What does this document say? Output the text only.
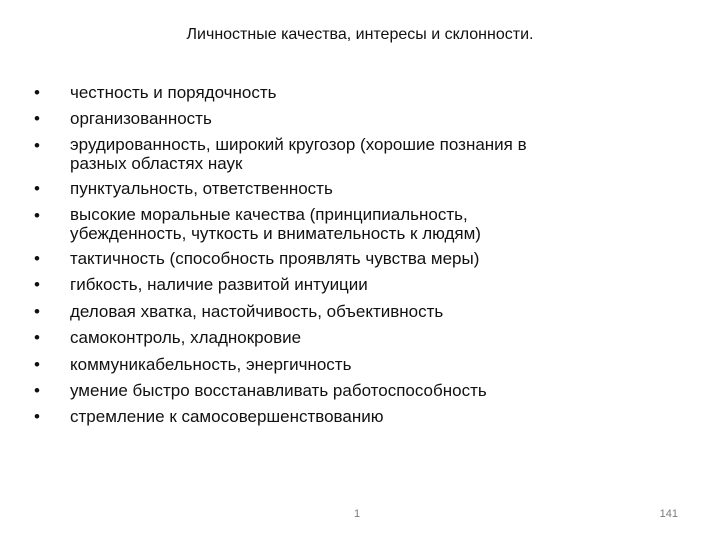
Личностные качества, интересы и склонности.
• честность и порядочность
• организованность
• эрудированность, широкий кругозор (хорошие познания в
разных областях наук
• пунктуальность, ответственность
• высокие моральные качества (принципиальность,
убежденность, чуткость и внимательность к людям)
• тактичность (способность проявлять чувства меры)
• гибкость, наличие развитой интуиции
• деловая хватка, настойчивость, объективность
• самоконтроль, хладнокровие
• коммуникабельность, энергичность
• умение быстро восстанавливать работоспособность
• стремление к самосовершенствованию
1	141
